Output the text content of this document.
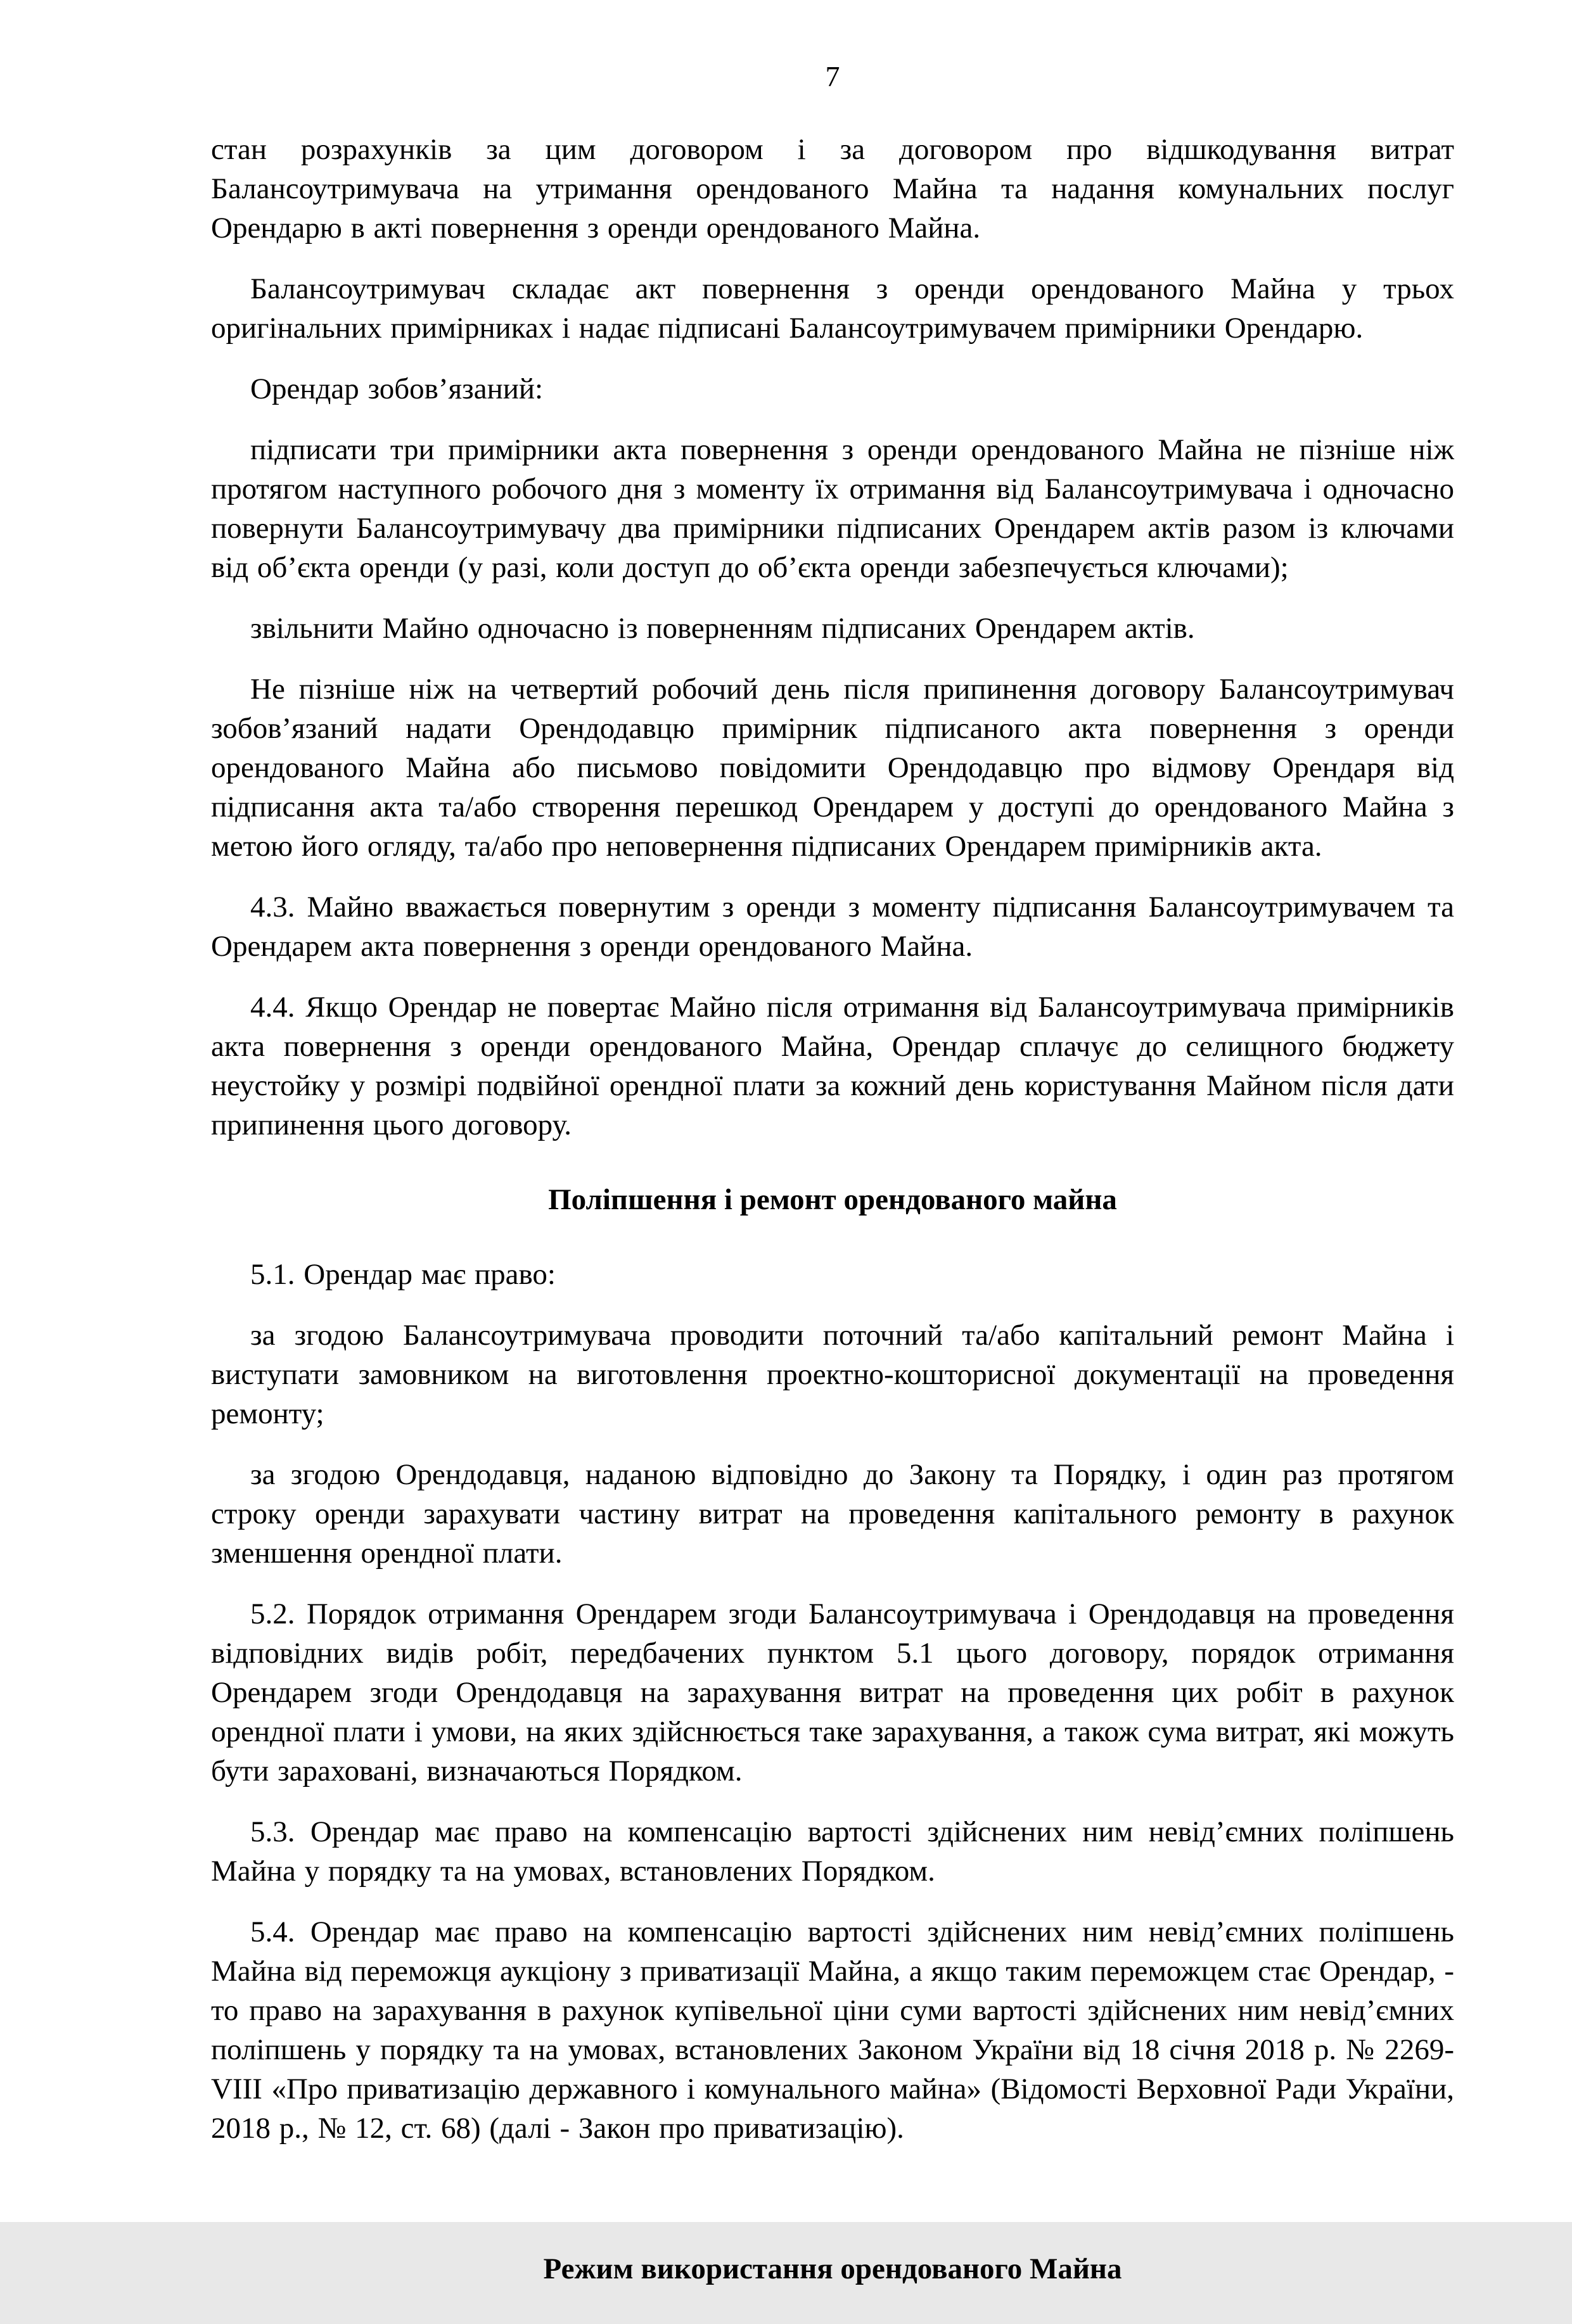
7

стан розрахунків за цим договором і за договором про відшкодування витрат Балансоутримувача на утримання орендованого Майна та надання комунальних послуг Орендарю в акті повернення з оренди орендованого Майна.

Балансоутримувач складає акт повернення з оренди орендованого Майна у трьох оригінальних примірниках і надає підписані Балансоутримувачем примірники Орендарю.

Орендар зобов’язаний:

підписати три примірники акта повернення з оренди орендованого Майна не пізніше ніж протягом наступного робочого дня з моменту їх отримання від Балансоутримувача і одночасно повернути Балансоутримувачу два примірники підписаних Орендарем актів разом із ключами від об’єкта оренди (у разі, коли доступ до об’єкта оренди забезпечується ключами);

звільнити Майно одночасно із поверненням підписаних Орендарем актів.

Не пізніше ніж на четвертий робочий день після припинення договору Балансоутримувач зобов’язаний надати Орендодавцю примірник підписаного акта повернення з оренди орендованого Майна або письмово повідомити Орендодавцю про відмову Орендаря від підписання акта та/або створення перешкод Орендарем у доступі до орендованого Майна з метою його огляду, та/або про неповернення підписаних Орендарем примірників акта.

4.3. Майно вважається повернутим з оренди з моменту підписання Балансоутримувачем та Орендарем акта повернення з оренди орендованого Майна.

4.4. Якщо Орендар не повертає Майно після отримання від Балансоутримувача примірників акта повернення з оренди орендованого Майна, Орендар сплачує до селищного бюджету неустойку у розмірі подвійної орендної плати за кожний день користування Майном після дати припинення цього договору.

Поліпшення і ремонт орендованого майна

5.1. Орендар має право:

за згодою Балансоутримувача проводити поточний та/або капітальний ремонт Майна і виступати замовником на виготовлення проектно-кошторисної документації на проведення ремонту;

за згодою Орендодавця, наданою відповідно до Закону та Порядку, і один раз протягом строку оренди зарахувати частину витрат на проведення капітального ремонту в рахунок зменшення орендної плати.

5.2. Порядок отримання Орендарем згоди Балансоутримувача і Орендодавця на проведення відповідних видів робіт, передбачених пунктом 5.1 цього договору, порядок отримання Орендарем згоди Орендодавця на зарахування витрат на проведення цих робіт в рахунок орендної плати і умови, на яких здійснюється таке зарахування, а також сума витрат, які можуть бути зараховані, визначаються Порядком.

5.3. Орендар має право на компенсацію вартості здійснених ним невід’ємних поліпшень Майна у порядку та на умовах, встановлених Порядком.

5.4. Орендар має право на компенсацію вартості здійснених ним невід’ємних поліпшень Майна від переможця аукціону з приватизації Майна, а якщо таким переможцем стає Орендар, - то право на зарахування в рахунок купівельної ціни суми вартості здійснених ним невід’ємних поліпшень у порядку та на умовах, встановлених Законом України від 18 січня 2018 р. № 2269-VIII «Про приватизацію державного і комунального майна» (Відомості Верховної Ради України, 2018 р., № 12, ст. 68) (далі - Закон про приватизацію).

Режим використання орендованого Майна
